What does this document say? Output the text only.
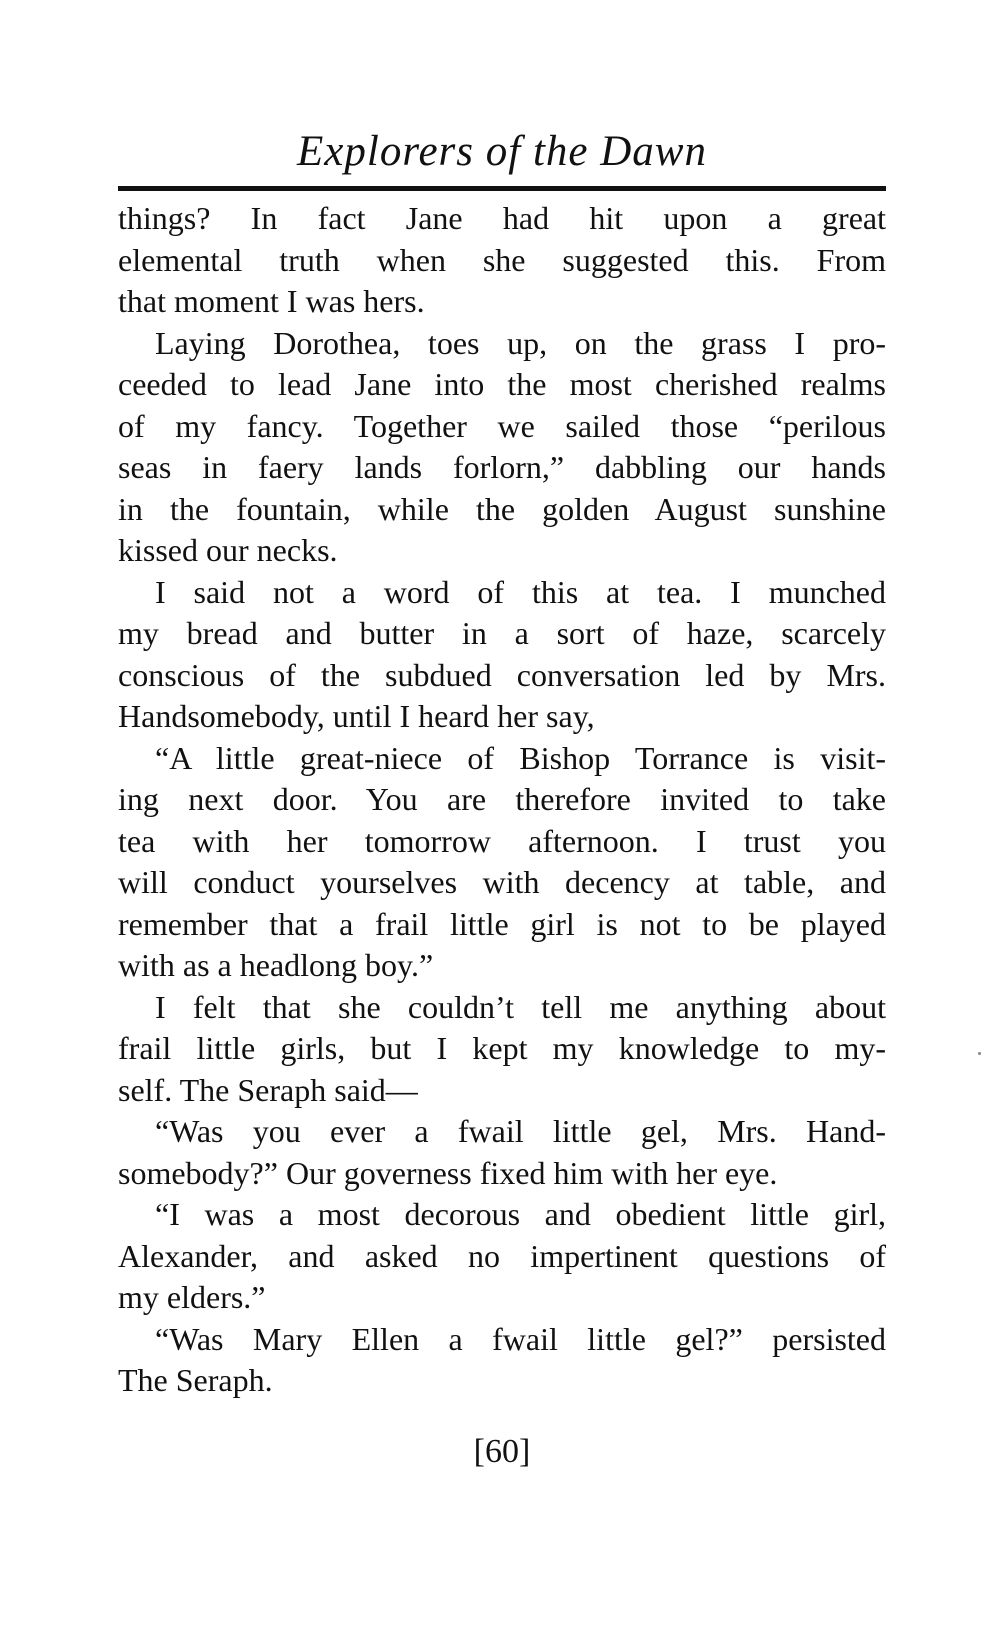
Explorers of the Dawn
things? In fact Jane had hit upon a great
elemental truth when she suggested this. From
that moment I was hers.
Laying Dorothea, toes up, on the grass I pro-
ceeded to lead Jane into the most cherished realms
of my fancy. Together we sailed those “perilous
seas in faery lands forlorn,” dabbling our hands
in the fountain, while the golden August sunshine
kissed our necks.
I said not a word of this at tea. I munched
my bread and butter in a sort of haze, scarcely
conscious of the subdued conversation led by Mrs.
Handsomebody, until I heard her say,
“A little great-niece of Bishop Torrance is visit-
ing next door. You are therefore invited to take
tea with her tomorrow afternoon. I trust you
will conduct yourselves with decency at table, and
remember that a frail little girl is not to be played
with as a headlong boy.”
I felt that she couldn’t tell me anything about
frail little girls, but I kept my knowledge to my-
self. The Seraph said—
“Was you ever a fwail little gel, Mrs. Hand-
somebody?” Our governess fixed him with her eye.
“I was a most decorous and obedient little girl,
Alexander, and asked no impertinent questions of
my elders.”
“Was Mary Ellen a fwail little gel?” persisted
The Seraph.
[60]
